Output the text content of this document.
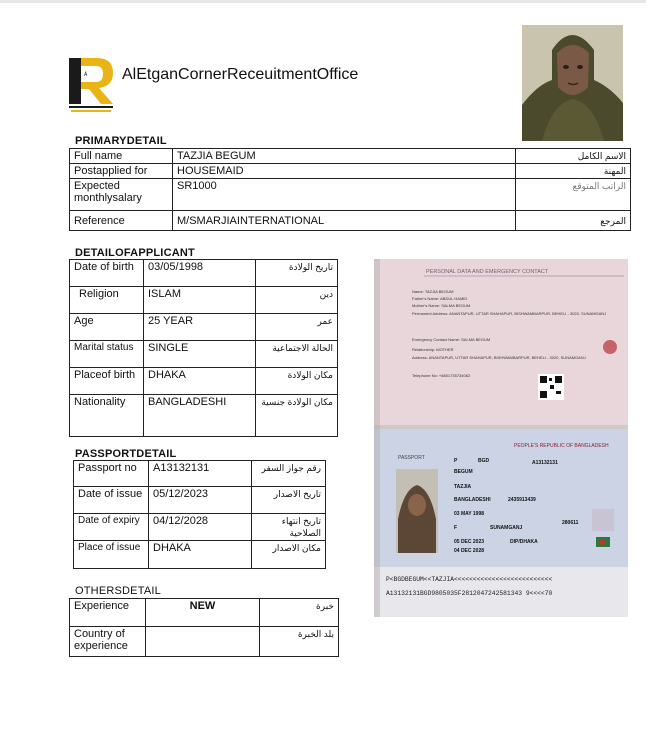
Ā AlEtganCornerReceuitmentOffice
PRIMARYDETAIL
Full name	TAZJIA BEGUM	الاسم الكامل
Postapplied for	HOUSEMAID	المهنة
Expected monthlysalary	SR1000	الراتب المتوقع
Reference	M/SMARJIAINTERNATIONAL	المرجع
DETAILOFAPPLICANT
Date of birth	03/05/1998	تاريخ الولادة
Religion	ISLAM	دين
Age	25 YEAR	عمر
Marital status	SINGLE	الحالة الاجتماعية
Placeof birth	DHAKA	مكان الولادة
Nationality	BANGLADESHI	مكان الولادة جنسية
PASSPORTDETAIL
Passport no	A13132131	رقم جواز السفر
Date of issue	05/12/2023	تاريخ الاصدار
Date of expiry	04/12/2028	تاريخ انتهاء الصلاحية
Place of issue	DHAKA	مكان الاصدار
OTHERSDETAIL
Experience	NEW	خبرة
Country of experience		بلد الخبرة
PERSONAL DATA AND EMERGENCY CONTACT
Name: TAZJIA BEGUM
Father's Name: ABDUL HAMID
Mother's Name: SALMA BEGUM
Permanent Address: ANANTAPUR, UTTAR SHAHAPUR, BISHWAMBARPUR, BEHELI - 3020, SUNAMGANJ
Emergency Contact Name: SALMA BEGUM
Relationship: MOTHER
Address: ANANTAPUR, UTTAR SHAHAPUR, BISHWAMBARPUR, BEHELI - 3020, SUNAMGANJ
Telephone No: +8801735734062
PEOPLE'S REPUBLIC OF BANGLADESH
PASSPORT	P	BGD	A13132131
BEGUM
TAZJIA
BANGLADESHI	2435913439
03 MAY 1998
F	SUNAMGANJ
280611
05 DEC 2023	DIP/DHAKA
04 DEC 2028
P<BGDBEGUM<<TAZJIA<<<<<<<<<<<<<<<<<<<<<<<<<<
A13132131BGD9805035F2812047242581343 9<<<<70
